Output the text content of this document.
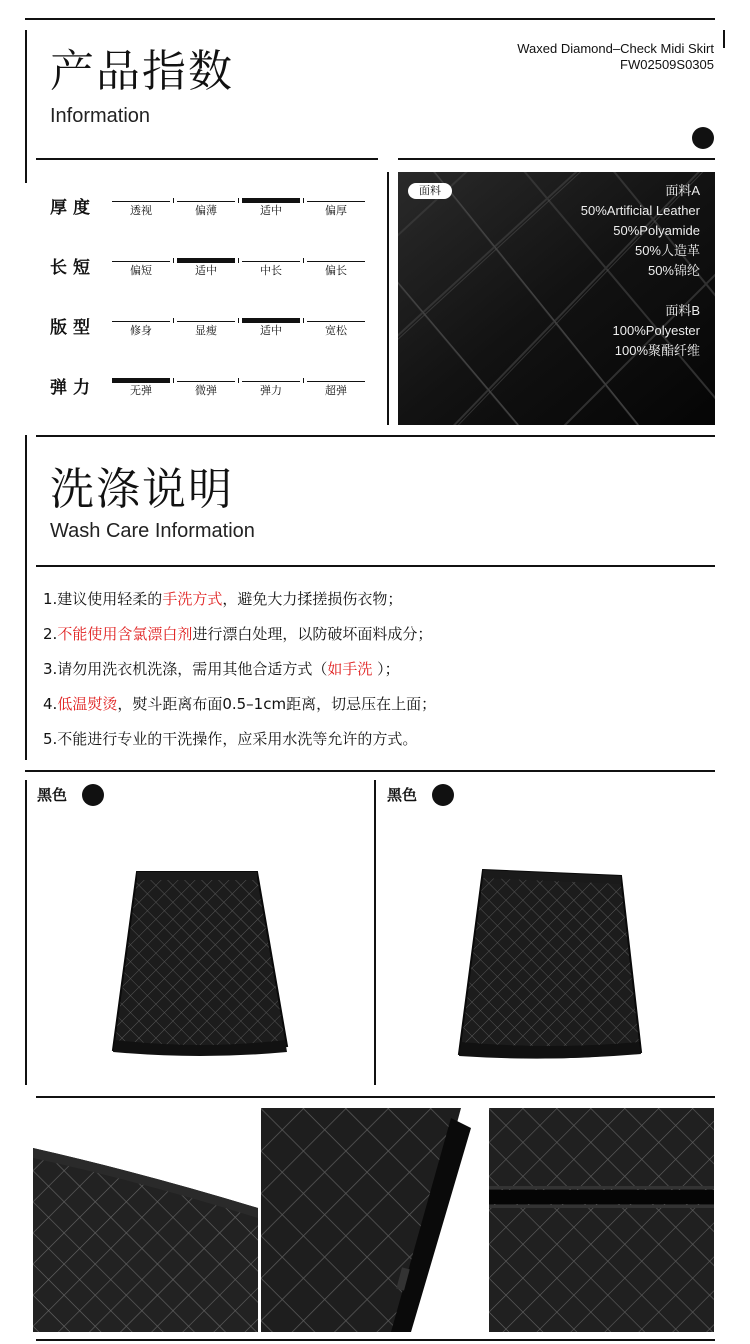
产品指数
Information
Waxed Diamond–Check Midi Skirt
FW02509S0305
厚度	透视	偏薄	适中	偏厚
长短	偏短	适中	中长	偏长
版型	修身	显瘦	适中	宽松
弹力	无弹	微弹	弹力	超弹
面料	面料A
50%Artificial Leather
50%Polyamide
50%人造革
50%锦纶
面料B
100%Polyester
100%聚酯纤维
洗涤说明
Wash Care Information
1.建议使用轻柔的手洗方式，避免大力揉搓损伤衣物；
2.不能使用含氯漂白剂进行漂白处理，以防破坏面料成分；
3.请勿用洗衣机洗涤，需用其他合适方式（如手洗 ）；
4.低温熨烫，熨斗距离布面0.5–1cm距离，切忌压在上面；
5.不能进行专业的干洗操作，应采用水洗等允许的方式。
黑色	黑色
